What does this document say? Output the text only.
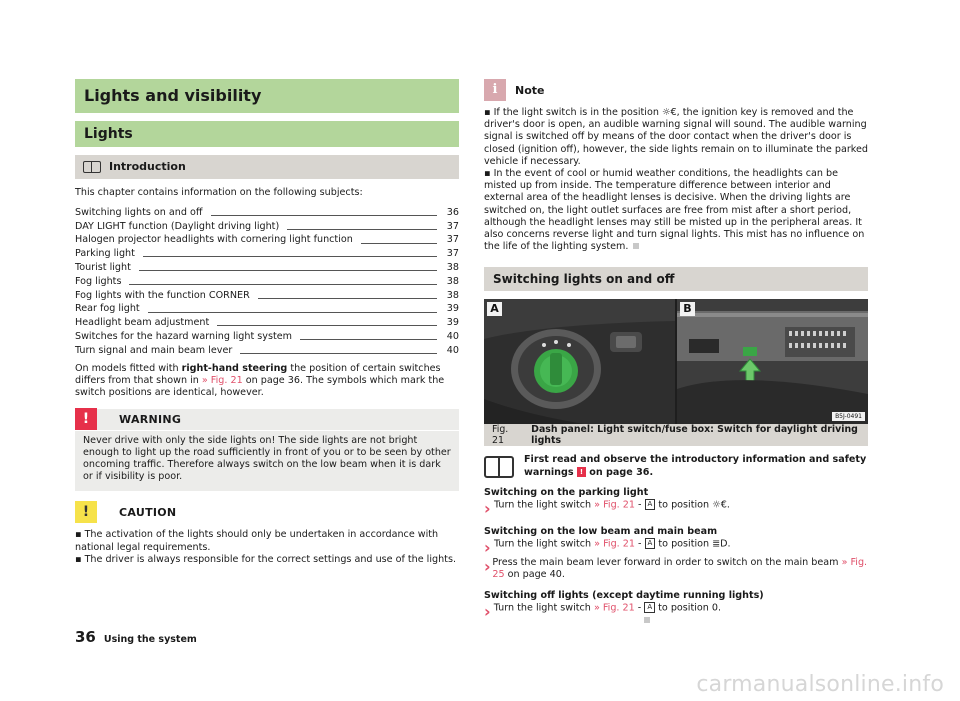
Lights and visibility
Lights
Introduction

This chapter contains information on the following subjects:

Switching lights on and off	36
DAY LIGHT function (Daylight driving light)	37
Halogen projector headlights with cornering light function	37
Parking light	37
Tourist light	38
Fog lights	38
Fog lights with the function CORNER	38
Rear fog light	39
Headlight beam adjustment	39
Switches for the hazard warning light system	40
Turn signal and main beam lever	40

On models fitted with right-hand steering the position of certain switches differs from that shown in » Fig. 21 on page 36. The symbols which mark the switch positions are identical, however.

!	WARNING

Never drive with only the side lights on! The side lights are not bright enough to light up the road sufficiently in front of you or to be seen by other oncoming traffic. Therefore always switch on the low beam when it is dark or if visibility is poor.

!	CAUTION

▪ The activation of the lights should only be undertaken in accordance with national legal requirements.

▪ The driver is always responsible for the correct settings and use of the lights.

i	Note

▪ If the light switch is in the position ☼€, the ignition key is removed and the driver's door is open, an audible warning signal will sound. The audible warning signal is switched off by means of the door contact when the driver's door is closed (ignition off), however, the side lights remain on to illuminate the parked vehicle if necessary.

▪ In the event of cool or humid weather conditions, the headlights can be misted up from inside. The temperature difference between interior and external area of the headlight lenses is decisive. When the driving lights are switched on, the light outlet surfaces are free from mist after a short period, although the headlight lenses may still be misted up in the peripheral areas. It also concerns reverse light and turn signal lights. This mist has no influence on the life of the lighting system.

Switching lights on and off
A	B
B5J-0491
Fig. 21
Dash panel: Light switch/fuse box: Switch for daylight driving lights

First read and observe the introductory information and safety warnings ! on page 36.

Switching on the parking light

› Turn the light switch » Fig. 21 - A to position ☼€.

Switching on the low beam and main beam

› Turn the light switch » Fig. 21 - A to position ≣D.

› Press the main beam lever forward in order to switch on the main beam » Fig. 25 on page 40.

Switching off lights (except daytime running lights)

› Turn the light switch » Fig. 21 - A to position 0.

36 Using the system
carmanualsonline.info
